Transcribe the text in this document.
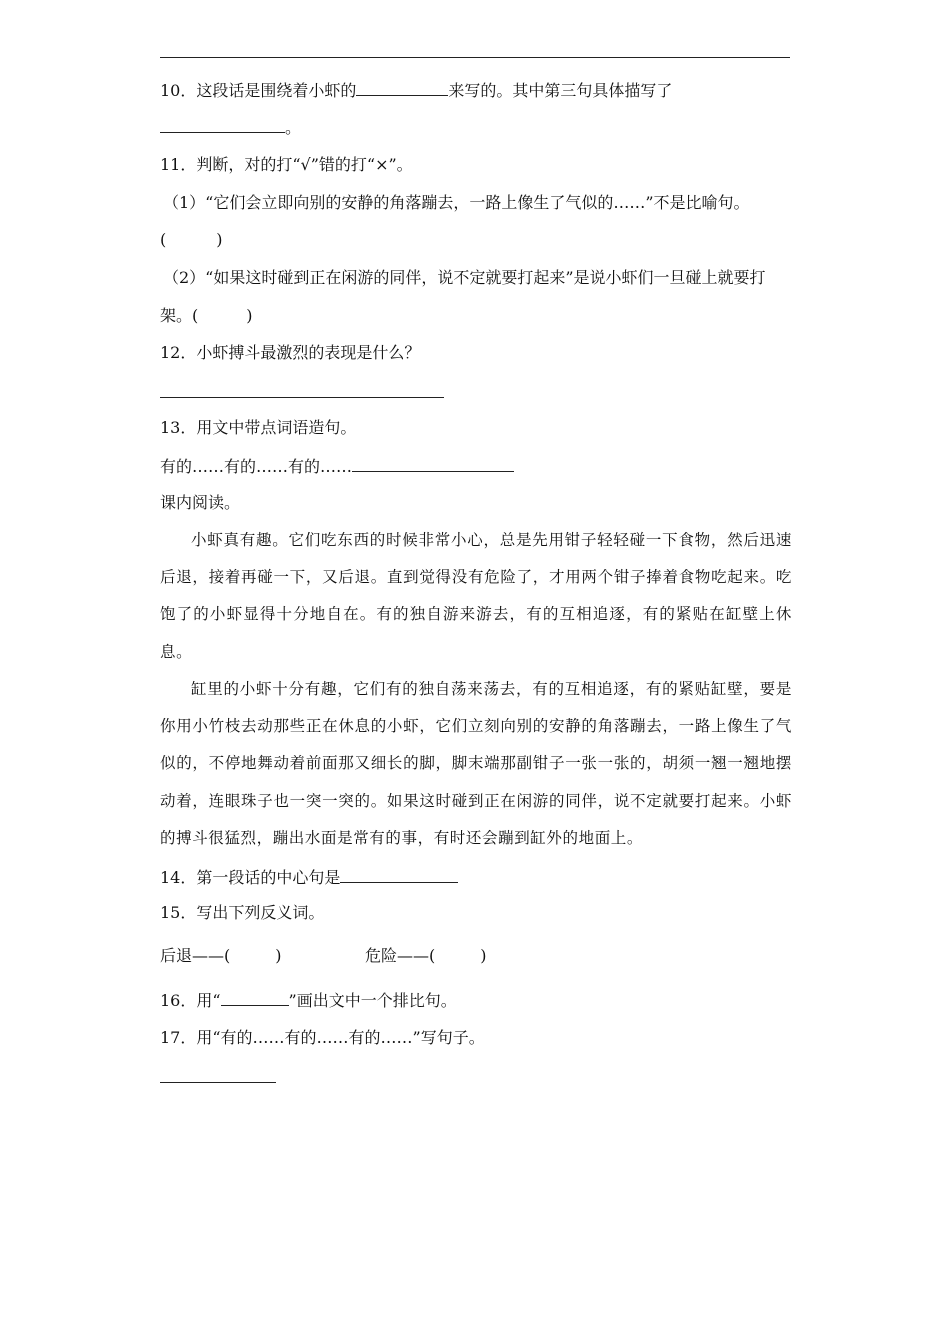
10．这段话是围绕着小虾的	来写的。其中第三句具体描写了
。
11．判断，对的打“√”错的打“×”。
（1）“它们会立即向别的安静的角落蹦去，一路上像生了气似的……”不是比喻句。
(	)
（2）“如果这时碰到正在闲游的同伴，说不定就要打起来”是说小虾们一旦碰上就要打
架。(	)
12．小虾搏斗最激烈的表现是什么？
13．用文中带点词语造句。
有的……有的……有的……
课内阅读。
小虾真有趣。它们吃东西的时候非常小心，总是先用钳子轻轻碰一下食物，然后迅速后退，接着再碰一下，又后退。直到觉得没有危险了，才用两个钳子捧着食物吃起来。吃饱了的小虾显得十分地自在。有的独自游来游去，有的互相追逐，有的紧贴在缸壁上休息。
缸里的小虾十分有趣，它们有的独自荡来荡去，有的互相追逐，有的紧贴缸壁，要是你用小竹枝去动那些正在休息的小虾，它们立刻向别的安静的角落蹦去，一路上像生了气似的，不停地舞动着前面那又细长的脚，脚末端那副钳子一张一张的，胡须一翘一翘地摆动着，连眼珠子也一突一突的。如果这时碰到正在闲游的同伴，说不定就要打起来。小虾的搏斗很猛烈，蹦出水面是常有的事，有时还会蹦到缸外的地面上。
14．第一段话的中心句是
15．写出下列反义词。
后退——(	)	危险——(	)
16．用“	”画出文中一个排比句。
17．用“有的……有的……有的……”写句子。
